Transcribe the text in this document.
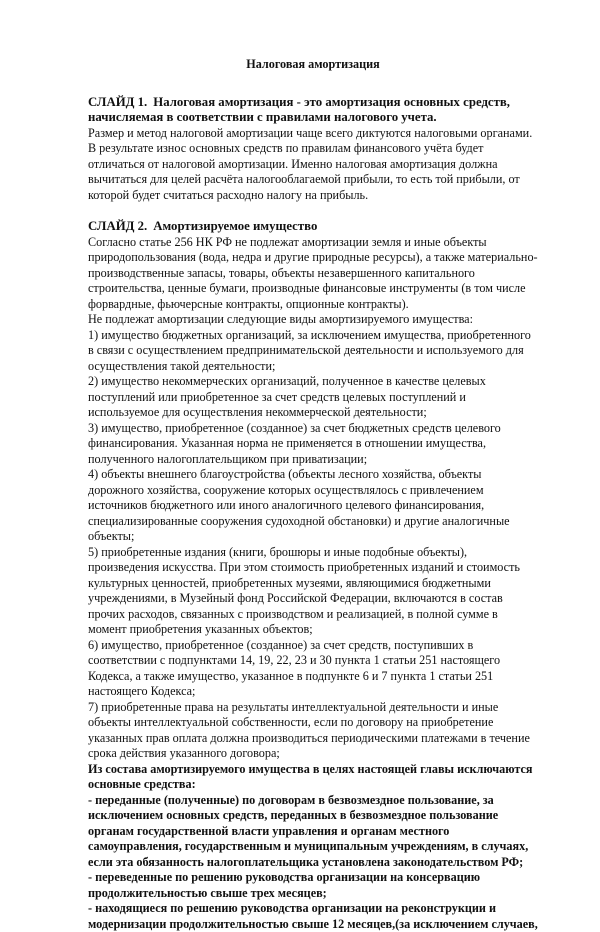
Налоговая амортизация

СЛАЙД 1. Налоговая амортизация - это амортизация основных средств, начисляемая в соответствии с правилами налогового учета.

Размер и метод налоговой амортизации чаще всего диктуются налоговыми органами. В результате износ основных средств по правилам финансового учёта будет отличаться от налоговой амортизации. Именно налоговая амортизация должна вычитаться для целей расчёта налогооблагаемой прибыли, то есть той прибыли, от которой будет считаться расходно налогу на прибыль.

СЛАЙД 2. Амортизируемое имущество

Согласно статье 256 НК РФ не подлежат амортизации земля и иные объекты природопользования (вода, недра и другие природные ресурсы), а также материально-производственные запасы, товары, объекты незавершенного капитального строительства, ценные бумаги, производные финансовые инструменты (в том числе форвардные, фьючерсные контракты, опционные контракты).

Не подлежат амортизации следующие виды амортизируемого имущества:

1) имущество бюджетных организаций, за исключением имущества, приобретенного в связи с осуществлением предпринимательской деятельности и используемого для осуществления такой деятельности;

2) имущество некоммерческих организаций, полученное в качестве целевых поступлений или приобретенное за счет средств целевых поступлений и используемое для осуществления некоммерческой деятельности;

3) имущество, приобретенное (созданное) за счет бюджетных средств целевого финансирования. Указанная норма не применяется в отношении имущества, полученного налогоплательщиком при приватизации;

4) объекты внешнего благоустройства (объекты лесного хозяйства, объекты дорожного хозяйства, сооружение которых осуществлялось с привлечением источников бюджетного или иного аналогичного целевого финансирования, специализированные сооружения судоходной обстановки) и другие аналогичные объекты;

5) приобретенные издания (книги, брошюры и иные подобные объекты), произведения искусства. При этом стоимость приобретенных изданий и стоимость культурных ценностей, приобретенных музеями, являющимися бюджетными учреждениями, в Музейный фонд Российской Федерации, включаются в состав прочих расходов, связанных с производством и реализацией, в полной сумме в момент приобретения указанных объектов;

6) имущество, приобретенное (созданное) за счет средств, поступивших в соответствии с подпунктами 14, 19, 22, 23 и 30 пункта 1 статьи 251 настоящего Кодекса, а также имущество, указанное в подпункте 6 и 7 пункта 1 статьи 251 настоящего Кодекса;

7) приобретенные права на результаты интеллектуальной деятельности и иные объекты интеллектуальной собственности, если по договору на приобретение указанных прав оплата должна производиться периодическими платежами в течение срока действия указанного договора;

Из состава амортизируемого имущества в целях настоящей главы исключаются основные средства:

- переданные (полученные) по договорам в безвозмездное пользование, за исключением основных средств, переданных в безвозмездное пользование органам государственной власти управления и органам местного самоуправления, государственным и муниципальным учреждениям, в случаях, если эта обязанность налогоплательщика установлена законодательством РФ;

- переведенные по решению руководства организации на консервацию продолжительностью свыше трех месяцев;

- находящиеся по решению руководства организации на реконструкции и модернизации продолжительностью свыше 12 месяцев,(за исключением случаев,
